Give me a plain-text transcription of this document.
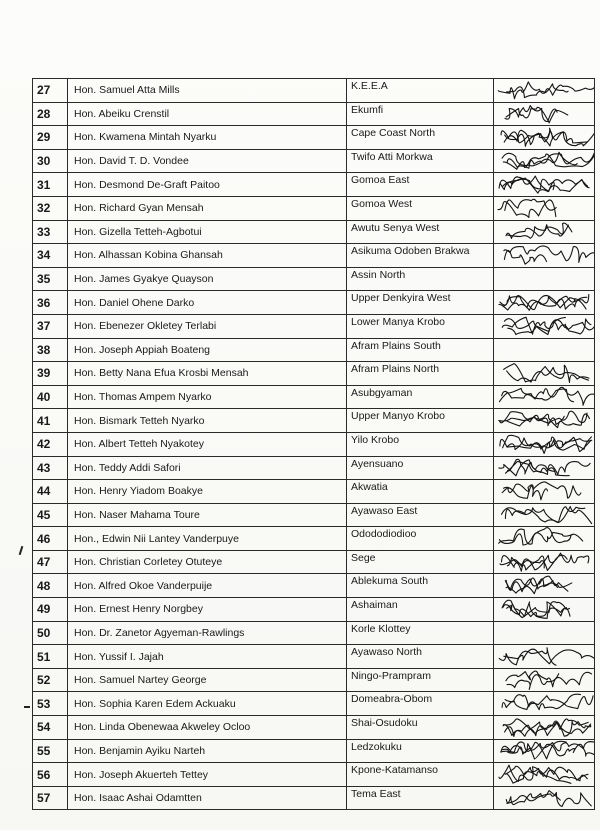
27	Hon. Samuel Atta Mills	K.E.E.A	

28	Hon. Abeiku Crenstil	Ekumfi	

29	Hon. Kwamena Mintah Nyarku	Cape Coast North	

30	Hon. David T. D. Vondee	Twifo Atti Morkwa	

31	Hon. Desmond De-Graft Paitoo	Gomoa East	

32	Hon. Richard Gyan Mensah	Gomoa West	

33	Hon. Gizella Tetteh-Agbotui	Awutu Senya West	

34	Hon. Alhassan Kobina Ghansah	Asikuma Odoben Brakwa	

35	Hon. James Gyakye Quayson	Assin North	
36	Hon. Daniel Ohene Darko	Upper Denkyira West	

37	Hon. Ebenezer Okletey Terlabi	Lower Manya Krobo	

38	Hon. Joseph Appiah Boateng	Afram Plains South	
39	Hon. Betty Nana Efua Krosbi Mensah	Afram Plains North	

40	Hon. Thomas Ampem Nyarko	Asubgyaman	

41	Hon. Bismark Tetteh Nyarko	Upper Manyo Krobo	

42	Hon. Albert Tetteh Nyakotey	Yilo Krobo	

43	Hon. Teddy Addi Safori	Ayensuano	

44	Hon. Henry Yiadom Boakye	Akwatia	

45	Hon. Naser Mahama Toure	Ayawaso East	

46	Hon., Edwin Nii Lantey Vanderpuye	Odododiodioo	

47	Hon. Christian Corletey Otuteye	Sege	

48	Hon. Alfred Okoe Vanderpuije	Ablekuma South	

49	Hon. Ernest Henry Norgbey	Ashaiman	

50	Hon. Dr. Zanetor Agyeman-Rawlings	Korle Klottey	
51	Hon. Yussif I. Jajah	Ayawaso North	

52	Hon. Samuel Nartey George	Ningo-Prampram	

53	Hon. Sophia Karen Edem Ackuaku	Domeabra-Obom	

54	Hon. Linda Obenewaa Akweley Ocloo	Shai-Osudoku	

55	Hon. Benjamin Ayiku Narteh	Ledzokuku	

56	Hon. Joseph Akuerteh Tettey	Kpone-Katamanso	

57	Hon. Isaac Ashai Odamtten	Tema East	
